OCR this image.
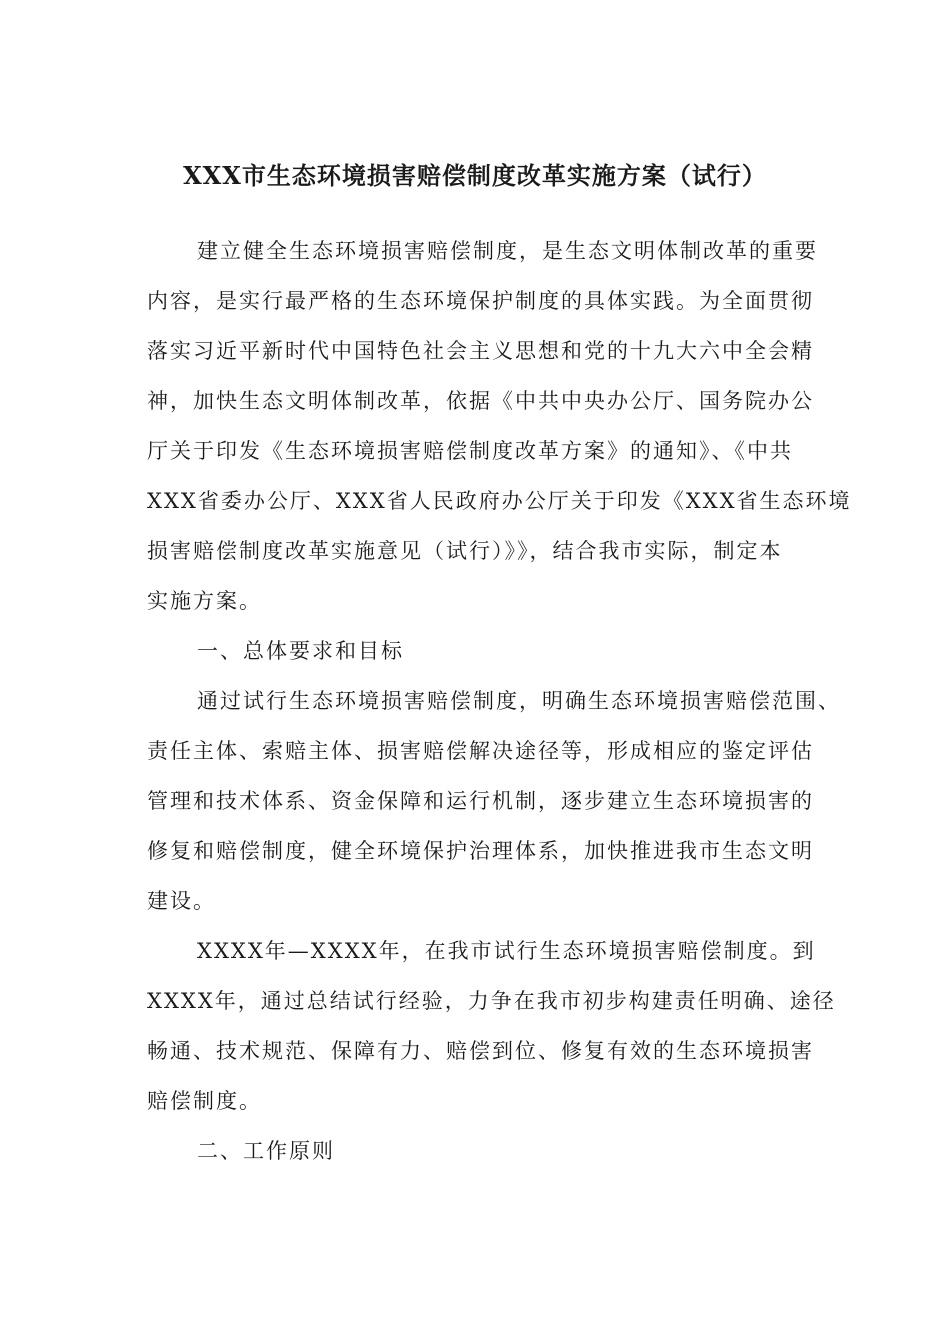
XXX市生态环境损害赔偿制度改革实施方案（试行）
建立健全生态环境损害赔偿制度，是生态文明体制改革的重要
内容，是实行最严格的生态环境保护制度的具体实践。为全面贯彻
落实习近平新时代中国特色社会主义思想和党的十九大六中全会精
神，加快生态文明体制改革，依据《中共中央办公厅、国务院办公
厅关于印发《生态环境损害赔偿制度改革方案》的通知》、《中共
XXX省委办公厅、XXX省人民政府办公厅关于印发《XXX省生态环境
损害赔偿制度改革实施意见（试行）》》，结合我市实际，制定本
实施方案。
一、总体要求和目标
通过试行生态环境损害赔偿制度，明确生态环境损害赔偿范围、
责任主体、索赔主体、损害赔偿解决途径等，形成相应的鉴定评估
管理和技术体系、资金保障和运行机制，逐步建立生态环境损害的
修复和赔偿制度，健全环境保护治理体系，加快推进我市生态文明
建设。
XXXX年—XXXX年，在我市试行生态环境损害赔偿制度。到
XXXX年，通过总结试行经验，力争在我市初步构建责任明确、途径
畅通、技术规范、保障有力、赔偿到位、修复有效的生态环境损害
赔偿制度。
二、工作原则
